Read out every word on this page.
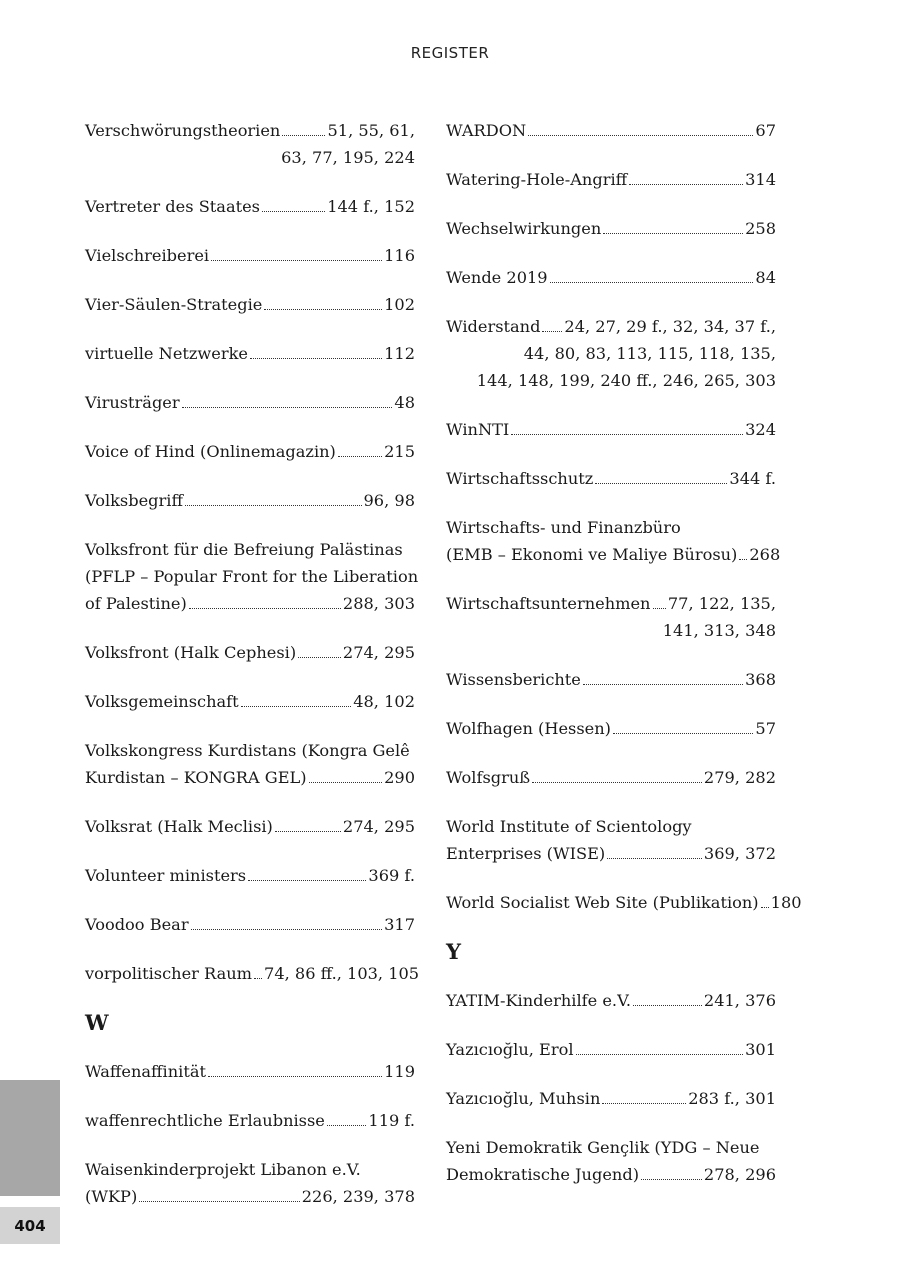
REGISTER
Verschwörungstheorien	51, 55, 61,
63, 77, 195, 224
Vertreter des Staates	144 f., 152
Vielschreiberei	116
Vier-Säulen-Strategie	102
virtuelle Netzwerke	112
Virusträger	48
Voice of Hind (Onlinemagazin)	215
Volksbegriff	96, 98
Volksfront für die Befreiung Palästinas
(PFLP – Popular Front for the Liberation
of Palestine)	288, 303
Volksfront (Halk Cephesi)	274, 295
Volksgemeinschaft	48, 102
Volkskongress Kurdistans (Kongra Gelê
Kurdistan – KONGRA GEL)	290
Volksrat (Halk Meclisi)	274, 295
Volunteer ministers	369 f.
Voodoo Bear	317
vorpolitischer Raum 74, 86 ff., 103, 105
W
Waffenaffinität	119
waffenrechtliche Erlaubnisse	119 f.
Waisenkinderprojekt Libanon e.V.
(WKP)	226, 239, 378
WARDON	67
Watering-Hole-Angriff	314
Wechselwirkungen	258
Wende 2019	84
Widerstand 24, 27, 29 f., 32, 34, 37 f.,
44, 80, 83, 113, 115, 118, 135,
144, 148, 199, 240 ff., 246, 265, 303
WinNTI	324
Wirtschaftsschutz	344 f.
Wirtschafts- und Finanzbüro
(EMB – Ekonomi ve Maliye Bürosu) 268
Wirtschaftsunternehmen 77, 122, 135,
141, 313, 348
Wissensberichte	368
Wolfhagen (Hessen)	57
Wolfsgruß	279, 282
World Institute of Scientology
Enterprises (WISE)	369, 372
World Socialist Web Site (Publikation) 180
Y
YATIM-Kinderhilfe e.V.	241, 376
Yazıcıoğlu, Erol	301
Yazıcıoğlu, Muhsin	283 f., 301
Yeni Demokratik Gençlik (YDG – Neue
Demokratische Jugend)	278, 296
404
